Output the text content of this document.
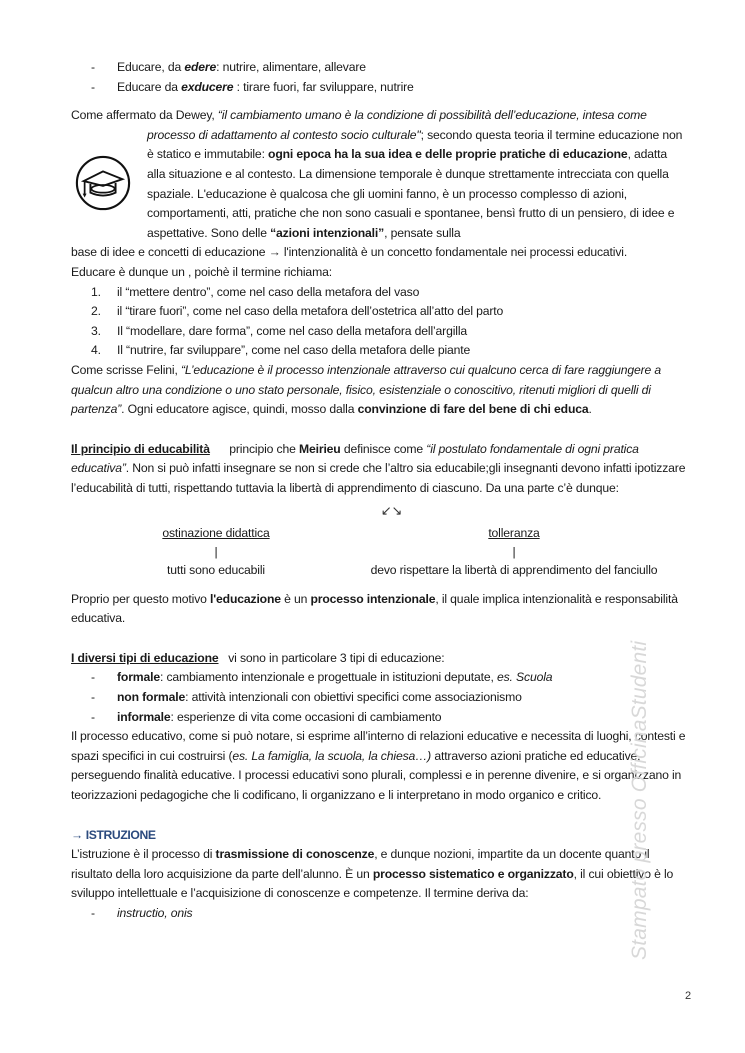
- Educare, da edere: nutrire, alimentare, allevare
- Educare da exducere : tirare fuori, far sviluppare, nutrire

Come affermato da Dewey, “il cambiamento umano è la condizione di possibilità dell’educazione, intesa come

processo di adattamento al contesto socio culturale"; secondo questa teoria il termine educazione non è statico e immutabile: ogni epoca ha la sua idea e delle proprie pratiche di educazione, adatta alla situazione e al contesto. La dimensione temporale è dunque strettamente intrecciata con quella spaziale. L'educazione è qualcosa che gli uomini fanno, è un processo complesso di azioni, comportamenti, atti, pratiche che non sono casuali e spontanee, bensì frutto di un pensiero, di idee e aspettative. Sono delle “azioni intenzionali”, pensate sulla

base di idee e concetti di educazione → l'intenzionalità è un concetto fondamentale nei processi educativi.

Educare è dunque un , poichè il termine richiama:

1. il “mettere dentro”, come nel caso della metafora del vaso
2. il “tirare fuori”, come nel caso della metafora dell’ostetrica all’atto del parto
3. Il “modellare, dare forma”, come nel caso della metafora dell’argilla
4. Il “nutrire, far sviluppare”, come nel caso della metafora delle piante

Come scrisse Felini, “L’educazione è il processo intenzionale attraverso cui qualcuno cerca di fare raggiungere a qualcun altro una condizione o uno stato personale, fisico, esistenziale o conoscitivo, ritenuti migliori di quelli di partenza”. Ogni educatore agisce, quindi, mosso dalla convinzione di fare del bene di chi educa.

Il principio di educabilità      principio che Meirieu definisce come “il postulato fondamentale di ogni pratica educativa”. Non si può infatti insegnare se non si crede che l’altro sia educabile;gli insegnanti devono infatti ipotizzare l’educabilità di tutti, rispettando tuttavia la libertà di apprendimento di ciascuno. Da una parte c’è dunque:

↙↘
ostinazione didattica
|
tutti sono educabili
tolleranza
|
devo rispettare la libertà di apprendimento del fanciullo

Proprio per questo motivo l'educazione è un processo intenzionale, il quale implica intenzionalità e responsabilità educativa.

I diversi tipi di educazione   vi sono in particolare 3 tipi di educazione:

- formale: cambiamento intenzionale e progettuale in istituzioni deputate, es. Scuola
- non formale: attività intenzionali con obiettivi specifici come associazionismo
- informale: esperienze di vita come occasioni di cambiamento

Il processo educativo, come si può notare, si esprime all’interno di relazioni educative e necessita di luoghi, contesti e spazi specifici in cui costruirsi (es. La famiglia, la scuola, la chiesa…) attraverso azioni pratiche ed educative, perseguendo finalità educative. I processi educativi sono plurali, complessi e in perenne divenire, e si organizzano in teorizzazioni pedagogiche che li codificano, li organizzano e li interpretano in modo organico e critico.

→ ISTRUZIONE

L’istruzione è il processo di trasmissione di conoscenze, e dunque nozioni, impartite da un docente quanto il risultato della loro acquisizione da parte dell’alunno. È un processo sistematico e organizzato, il cui obiettivo è lo sviluppo intellettuale e l’acquisizione di conoscenze e competenze. Il termine deriva da:

- instructio, onis	Stampato presso OfficinaStudenti
2
